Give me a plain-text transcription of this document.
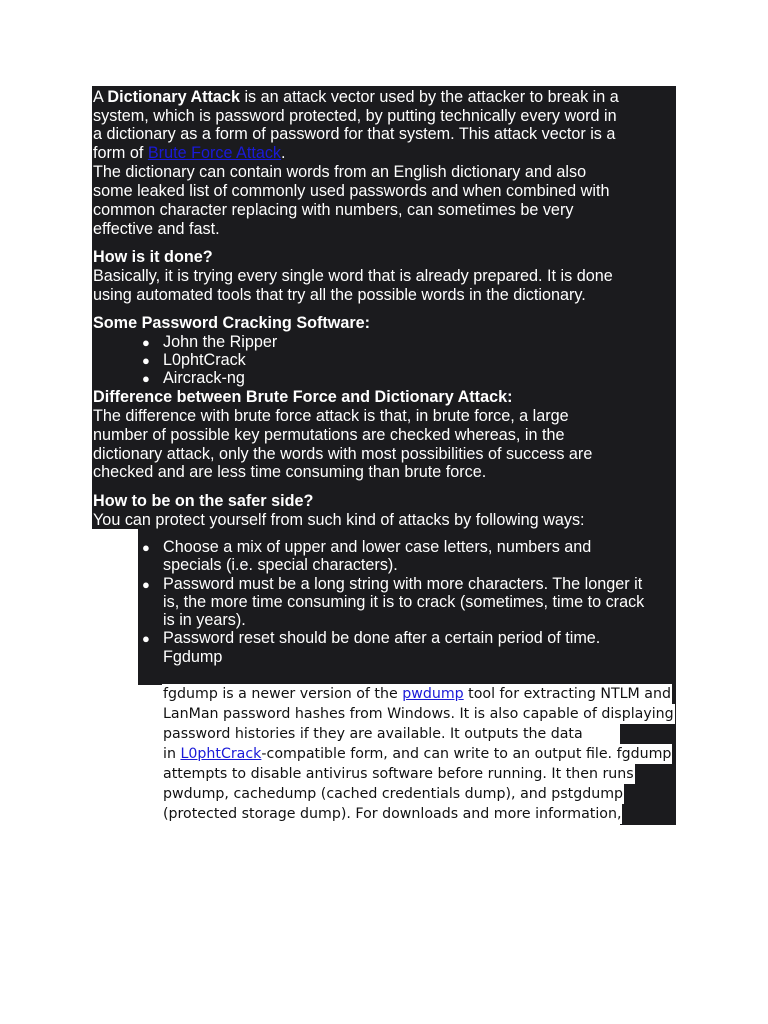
A Dictionary Attack is an attack vector used by the attacker to break in a

system, which is password protected, by putting technically every word in

a dictionary as a form of password for that system. This attack vector is a

form of Brute Force Attack.

The dictionary can contain words from an English dictionary and also

some leaked list of commonly used passwords and when combined with

common character replacing with numbers, can sometimes be very

effective and fast.

How is it done?

Basically, it is trying every single word that is already prepared. It is done

using automated tools that try all the possible words in the dictionary.

Some Password Cracking Software:

● John the Ripper

● L0phtCrack

● Aircrack-ng

Difference between Brute Force and Dictionary Attack:

The difference with brute force attack is that, in brute force, a large

number of possible key permutations are checked whereas, in the

dictionary attack, only the words with most possibilities of success are

checked and are less time consuming than brute force.

How to be on the safer side?

You can protect yourself from such kind of attacks by following ways:

● Choose a mix of upper and lower case letters, numbers and

specials (i.e. special characters).

● Password must be a long string with more characters. The longer it

is, the more time consuming it is to crack (sometimes, time to crack

is in years).

● Password reset should be done after a certain period of time.

Fgdump

fgdump is a newer version of the pwdump tool for extracting NTLM and

LanMan password hashes from Windows. It is also capable of displaying

password histories if they are available. It outputs the data

in L0phtCrack-compatible form, and can write to an output file. fgdump

attempts to disable antivirus software before running. It then runs

pwdump, cachedump (cached credentials dump), and pstgdump

(protected storage dump). For downloads and more information,
